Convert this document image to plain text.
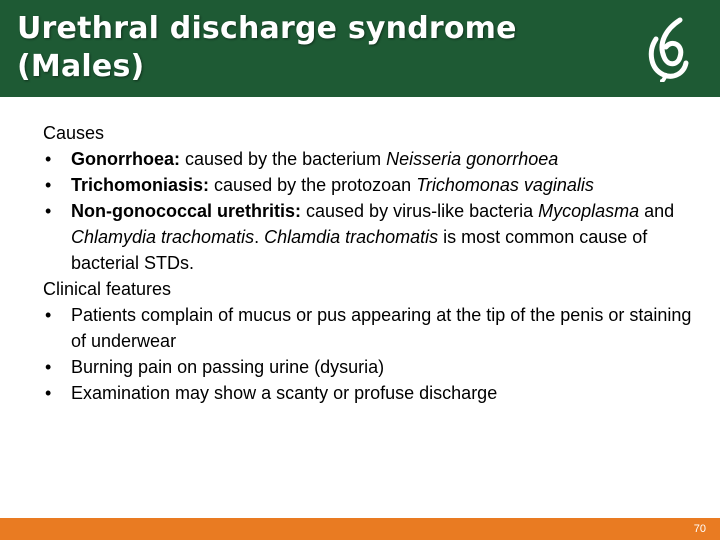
Urethral discharge syndrome
(Males)
Causes
• Gonorrhoea: caused by the bacterium Neisseria gonorrhoea
• Trichomoniasis: caused by the protozoan Trichomonas vaginalis
• Non-gonococcal urethritis: caused by virus-like bacteria Mycoplasma and Chlamydia trachomatis. Chlamdia trachomatis is most common cause of bacterial STDs.
Clinical features
• Patients complain of mucus or pus appearing at the tip of the penis or staining of underwear
• Burning pain on passing urine (dysuria)
• Examination may show a scanty or profuse discharge
70
